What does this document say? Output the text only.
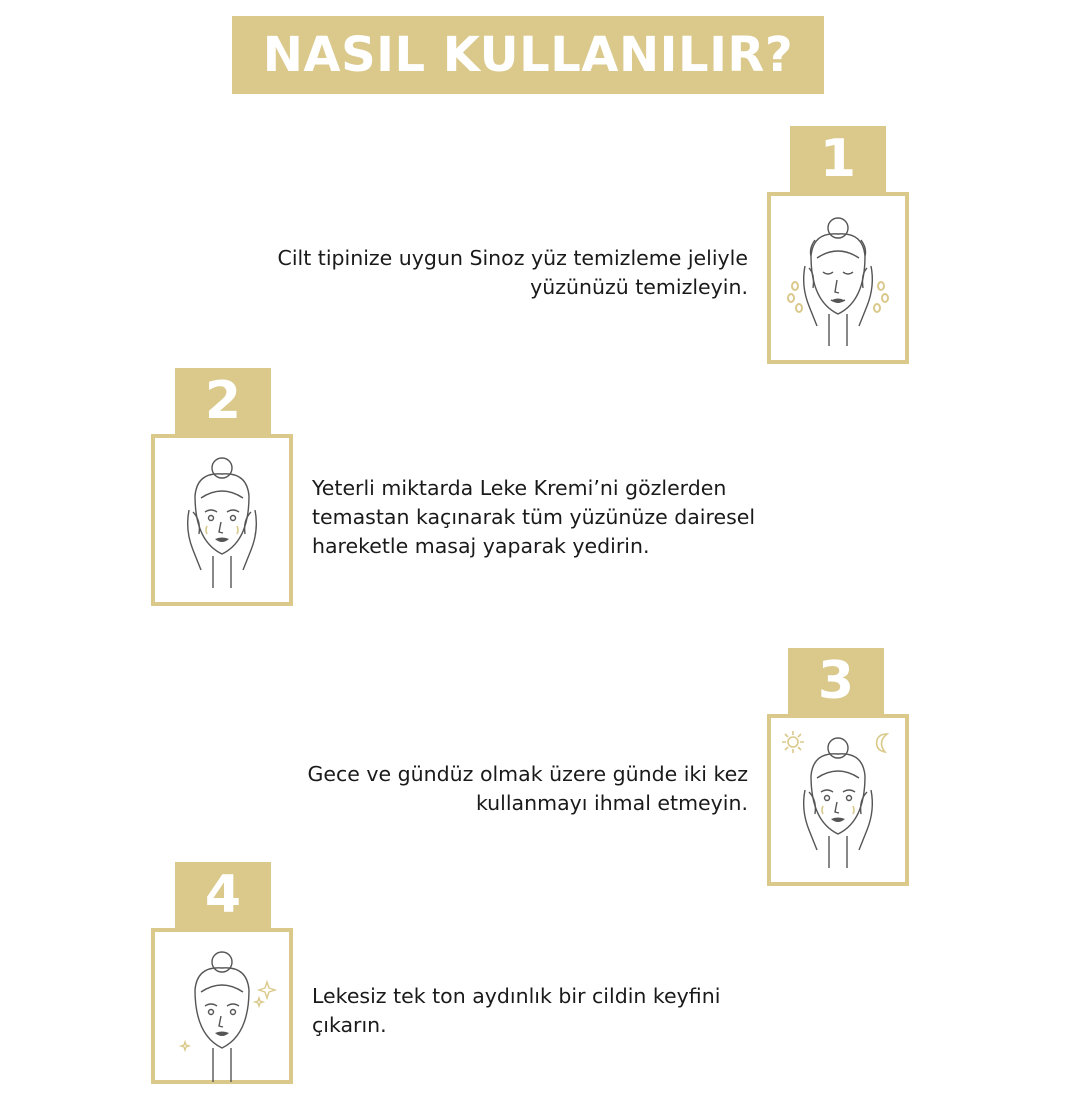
NASIL KULLANILIR?
1
Cilt tipinize uygun Sinoz yüz temizleme jeliyle
yüzünüzü temizleyin.
2
Yeterli miktarda Leke Kremi’ni gözlerden
temastan kaçınarak tüm yüzünüze dairesel
hareketle masaj yaparak yedirin.
3
Gece ve gündüz olmak üzere günde iki kez
kullanmayı ihmal etmeyin.
4
Lekesiz tek ton aydınlık bir cildin keyfini
çıkarın.
